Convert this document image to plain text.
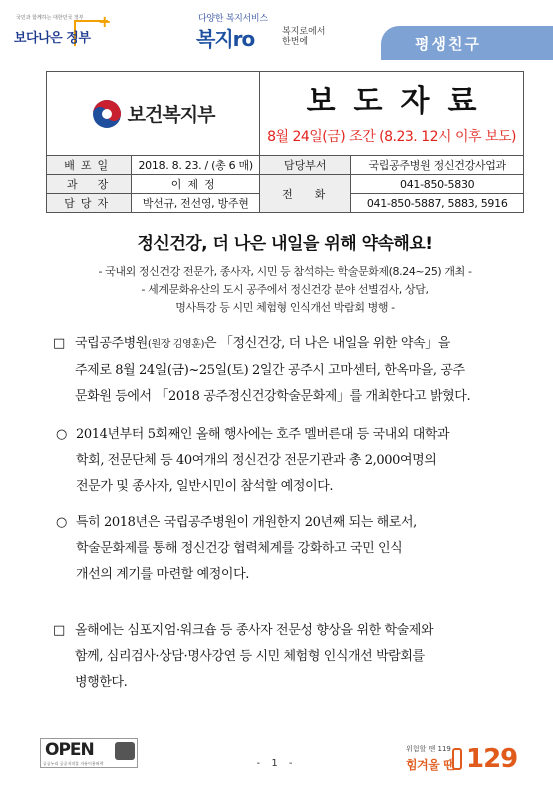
국민과 함께하는 대한민국 정부 +
보다나은 정부
다양한 복지서비스
복지ro	복지로에서
한번에	평생친구
보건복지부		보도자료
8월 24일(금) 조간 (8.23. 12시 이후 보도)	

배포일	2018. 8. 23. / (총 6 매)	담당부서	국립공주병원 정신건강사업과
과장	이제정	전화	041-850-5830
담당자	박선규, 전선영, 방주현		041-850-5887, 5883, 5916
정신건강, 더 나은 내일을 위해 약속해요!
- 국내외 정신건강 전문가, 종사자, 시민 등 참석하는 학술문화제(8.24~25) 개최 -
- 세계문화유산의 도시 공주에서 정신건강 분야 선별검사, 상담,
명사특강 등 시민 체험형 인식개선 박람회 병행 -
□ 국립공주병원(원장 김영훈)은 「정신건강, 더 나은 내일을 위한 약속」을
주제로 8월 24일(금)~25일(토) 2일간 공주시 고마센터, 한옥마을, 공주
문화원 등에서 「2018 공주정신건강학술문화제」를 개최한다고 밝혔다.
○ 2014년부터 5회째인 올해 행사에는 호주 멜버른대 등 국내외 대학과
학회, 전문단체 등 40여개의 정신건강 전문기관과 총 2,000여명의
전문가 및 종사자, 일반시민이 참석할 예정이다.
○ 특히 2018년은 국립공주병원이 개원한지 20년째 되는 해로서,
학술문화제를 통해 정신건강 협력체계를 강화하고 국민 인식
개선의 계기를 마련할 예정이다.
□ 올해에는 심포지엄·워크숍 등 종사자 전문성 향상을 위한 학술제와
함께, 심리검사·상담·명사강연 등 시민 체험형 인식개선 박람회를
병행한다.
OPEN
공공누리 공공저작물 자유이용허락	- 1 -
위험할 땐 119
힘겨울 땐 129
